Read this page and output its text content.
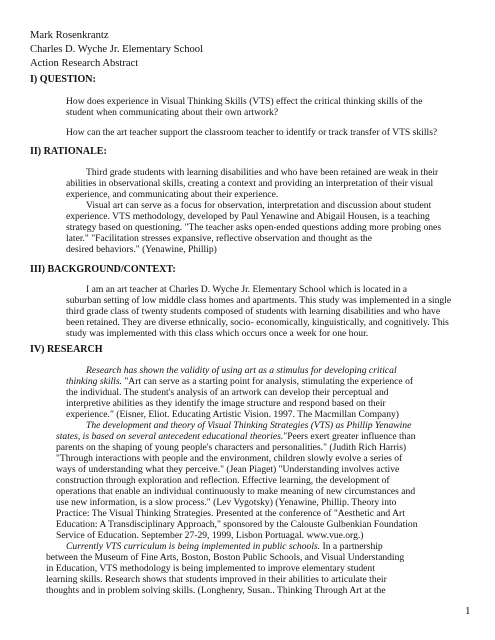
Mark Rosenkrantz
Charles D. Wyche Jr. Elementary School
Action Research Abstract
I) QUESTION:
How does experience in Visual Thinking Skills (VTS) effect the critical thinking skills of the
student when communicating about their own artwork?
How can the art teacher support the classroom teacher to identify or track transfer of VTS skills?
II) RATIONALE:
Third grade students with learning disabilities and who have been retained are weak in their
abilities in observational skills, creating a context and providing an interpretation of their visual
experience, and communicating about their experience.
Visual art can serve as a focus for observation, interpretation and discussion about student
experience. VTS methodology, developed by Paul Yenawine and Abigail Housen, is a teaching
strategy based on questioning. "The teacher asks open-ended questions adding more probing ones
later." "Facilitation stresses expansive, reflective observation and thought as the
desired behaviors." (Yenawine, Phillip)
III) BACKGROUND/CONTEXT:
I am an art teacher at Charles D. Wyche Jr. Elementary School which is located in a
suburban setting of low middle class homes and apartments. This study was implemented in a single
third grade class of twenty students composed of students with learning disabilities and who have
been retained. They are diverse ethnically, socio- economically, kinguistically, and cognitively. This
study was implemented with this class which occurs once a week for one hour.
IV) RESEARCH
Research has shown the validity of using art as a stimulus for developing critical
thinking skills. "Art can serve as a starting point for analysis, stimulating the experience of
the individual. The student's analysis of an artwork can develop their perceptual and
interpretive abilities as they identify the image structure and respond based on their
experience." (Eisner, Eliot. Educating Artistic Vision. 1997. The Macmillan Company)
The development and theory of Visual Thinking Strategies (VTS) as Phillip Yenawine
states, is based on several antecedent educational theories."Peers exert greater influence than
parents on the shaping of young people's characters and personalities." (Judith Rich Harris)
"Through interactions with people and the environment, children slowly evolve a series of
ways of understanding what they perceive." (Jean Piaget) "Understanding involves active
construction through exploration and reflection. Effective learning, the development of
operations that enable an individual continuously to make meaning of new circumstances and
use new information, is a slow process." (Lev Vygotsky) (Yenawine, Phillip. Theory into
Practice: The Visual Thinking Strategies. Presented at the conference of "Aesthetic and Art
Education: A Transdisciplinary Approach," sponsored by the Calouste Gulbenkian Foundation
Service of Education. September 27-29, 1999, Lisbon Portuagal. www.vue.org.)
Currently VTS curriculum is being implemented in public schools. In a partnership
between the Museum of Fine Arts, Boston, Boston Public Schools, and Visual Understanding
in Education, VTS methodology is being implemented to improve elementary student
learning skills. Research shows that students improved in their abilities to articulate their
thoughts and in problem solving skills. (Longhenry, Susan.. Thinking Through Art at the
1
